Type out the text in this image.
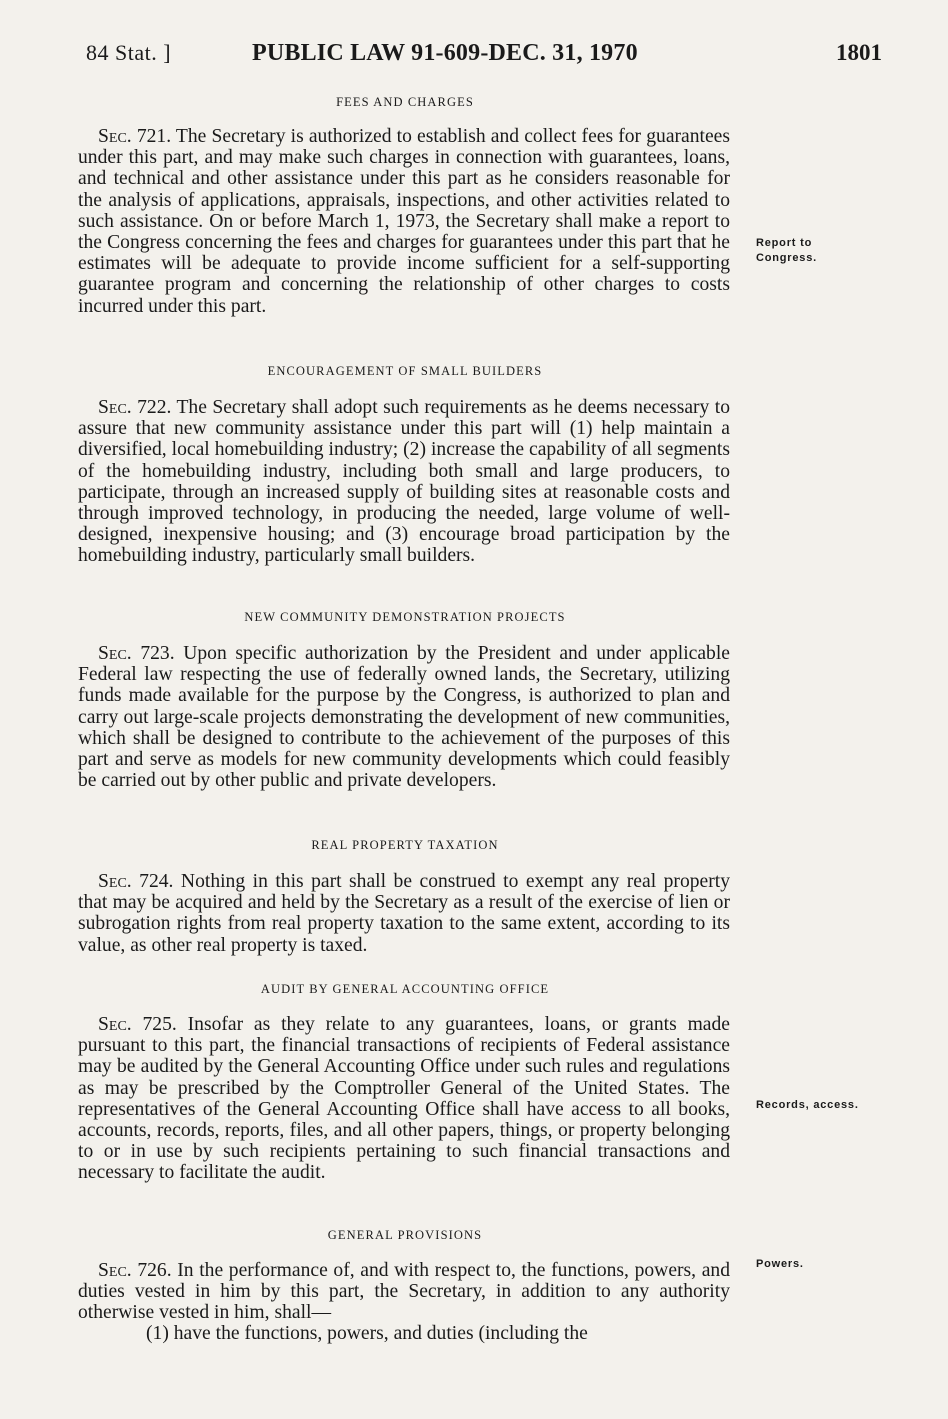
84 Stat. ]	PUBLIC LAW 91-609-DEC. 31, 1970	1801

FEES AND CHARGES

Sec. 721. The Secretary is authorized to establish and collect fees for guarantees under this part, and may make such charges in connection with guarantees, loans, and technical and other assistance under this part as he considers reasonable for the analysis of applications, appraisals, inspections, and other activities related to such assistance. On or before March 1, 1973, the Secretary shall make a report to the Congress concerning the fees and charges for guarantees under this part that he estimates will be adequate to provide income sufficient for a self-supporting guarantee program and concerning the relationship of other charges to costs incurred under this part.

Report to Congress.
ENCOURAGEMENT OF SMALL BUILDERS

Sec. 722. The Secretary shall adopt such requirements as he deems necessary to assure that new community assistance under this part will (1) help maintain a diversified, local homebuilding industry; (2) increase the capability of all segments of the homebuilding industry, including both small and large producers, to participate, through an increased supply of building sites at reasonable costs and through improved technology, in producing the needed, large volume of well-designed, inexpensive housing; and (3) encourage broad participation by the homebuilding industry, particularly small builders.

NEW COMMUNITY DEMONSTRATION PROJECTS

Sec. 723. Upon specific authorization by the President and under applicable Federal law respecting the use of federally owned lands, the Secretary, utilizing funds made available for the purpose by the Congress, is authorized to plan and carry out large-scale projects demonstrating the development of new communities, which shall be designed to contribute to the achievement of the purposes of this part and serve as models for new community developments which could feasibly be carried out by other public and private developers.

REAL PROPERTY TAXATION

Sec. 724. Nothing in this part shall be construed to exempt any real property that may be acquired and held by the Secretary as a result of the exercise of lien or subrogation rights from real property taxation to the same extent, according to its value, as other real property is taxed.

AUDIT BY GENERAL ACCOUNTING OFFICE

Sec. 725. Insofar as they relate to any guarantees, loans, or grants made pursuant to this part, the financial transactions of recipients of Federal assistance may be audited by the General Accounting Office under such rules and regulations as may be prescribed by the Comptroller General of the United States. The representatives of the General Accounting Office shall have access to all books, accounts, records, reports, files, and all other papers, things, or property belonging to or in use by such recipients pertaining to such financial transactions and necessary to facilitate the audit.

Records, access.
GENERAL PROVISIONS

Sec. 726. In the performance of, and with respect to, the functions, powers, and duties vested in him by this part, the Secretary, in addition to any authority otherwise vested in him, shall—

Powers.

(1) have the functions, powers, and duties (including the
